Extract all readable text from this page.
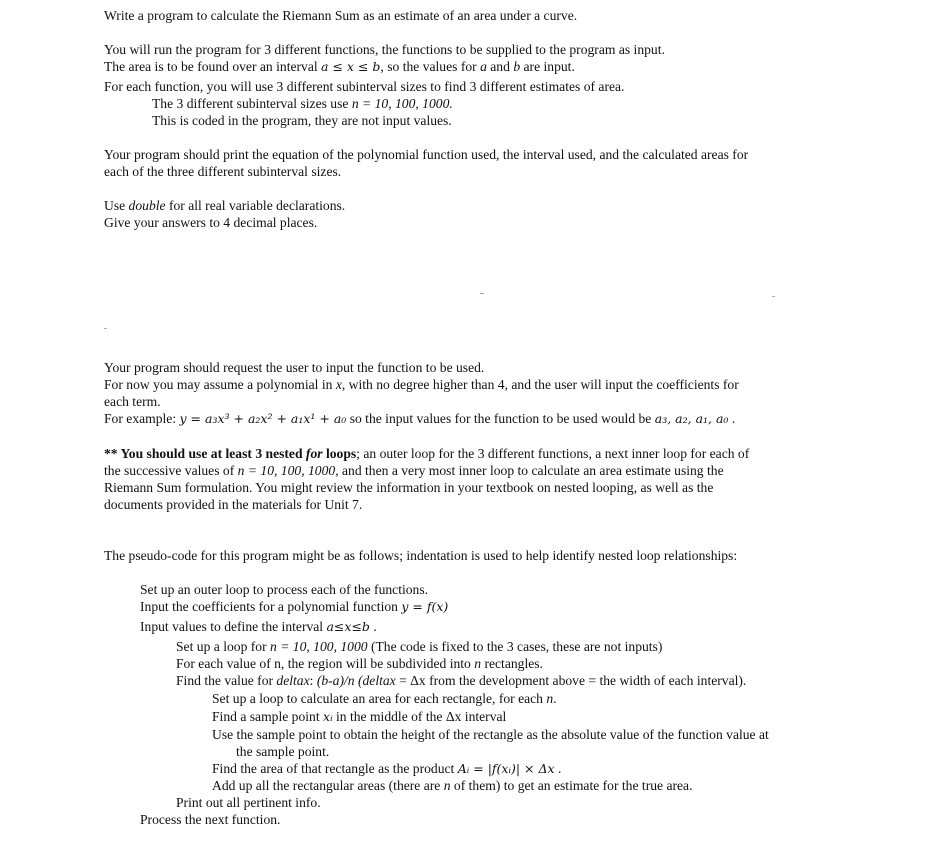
Write a program to calculate the Riemann Sum as an estimate of an area under a curve.
You will run the program for 3 different functions, the functions to be supplied to the program as input.
The area is to be found over an interval a ≤ x ≤ b, so the values for a and b are input.
For each function, you will use 3 different subinterval sizes to find 3 different estimates of area.
The 3 different subinterval sizes use n = 10, 100, 1000.
This is coded in the program, they are not input values.
Your program should print the equation of the polynomial function used, the interval used, and the calculated areas for
each of the three different subinterval sizes.
Use double for all real variable declarations.
Give your answers to 4 decimal places.
Your program should request the user to input the function to be used.
For now you may assume a polynomial in x, with no degree higher than 4, and the user will input the coefficients for
each term.
For example: y = a₃x³ + a₂x² + a₁x¹ + a₀ so the input values for the function to be used would be a₃, a₂, a₁, a₀ .
** You should use at least 3 nested for loops; an outer loop for the 3 different functions, a next inner loop for each of
the successive values of n = 10, 100, 1000, and then a very most inner loop to calculate an area estimate using the
Riemann Sum formulation. You might review the information in your textbook on nested looping, as well as the
documents provided in the materials for Unit 7.
The pseudo-code for this program might be as follows; indentation is used to help identify nested loop relationships:
Set up an outer loop to process each of the functions.
Input the coefficients for a polynomial function y = f(x)
Input values to define the interval a≤x≤b .
Set up a loop for n = 10, 100, 1000 (The code is fixed to the 3 cases, these are not inputs)
For each value of n, the region will be subdivided into n rectangles.
Find the value for deltax: (b-a)/n (deltax = Δx from the development above = the width of each interval).
Set up a loop to calculate an area for each rectangle, for each n.
Find a sample point xᵢ in the middle of the Δx interval
Use the sample point to obtain the height of the rectangle as the absolute value of the function value at
the sample point.
Find the area of that rectangle as the product Aᵢ = |f(xᵢ)| × Δx .
Add up all the rectangular areas (there are n of them) to get an estimate for the true area.
Print out all pertinent info.
Process the next function.
